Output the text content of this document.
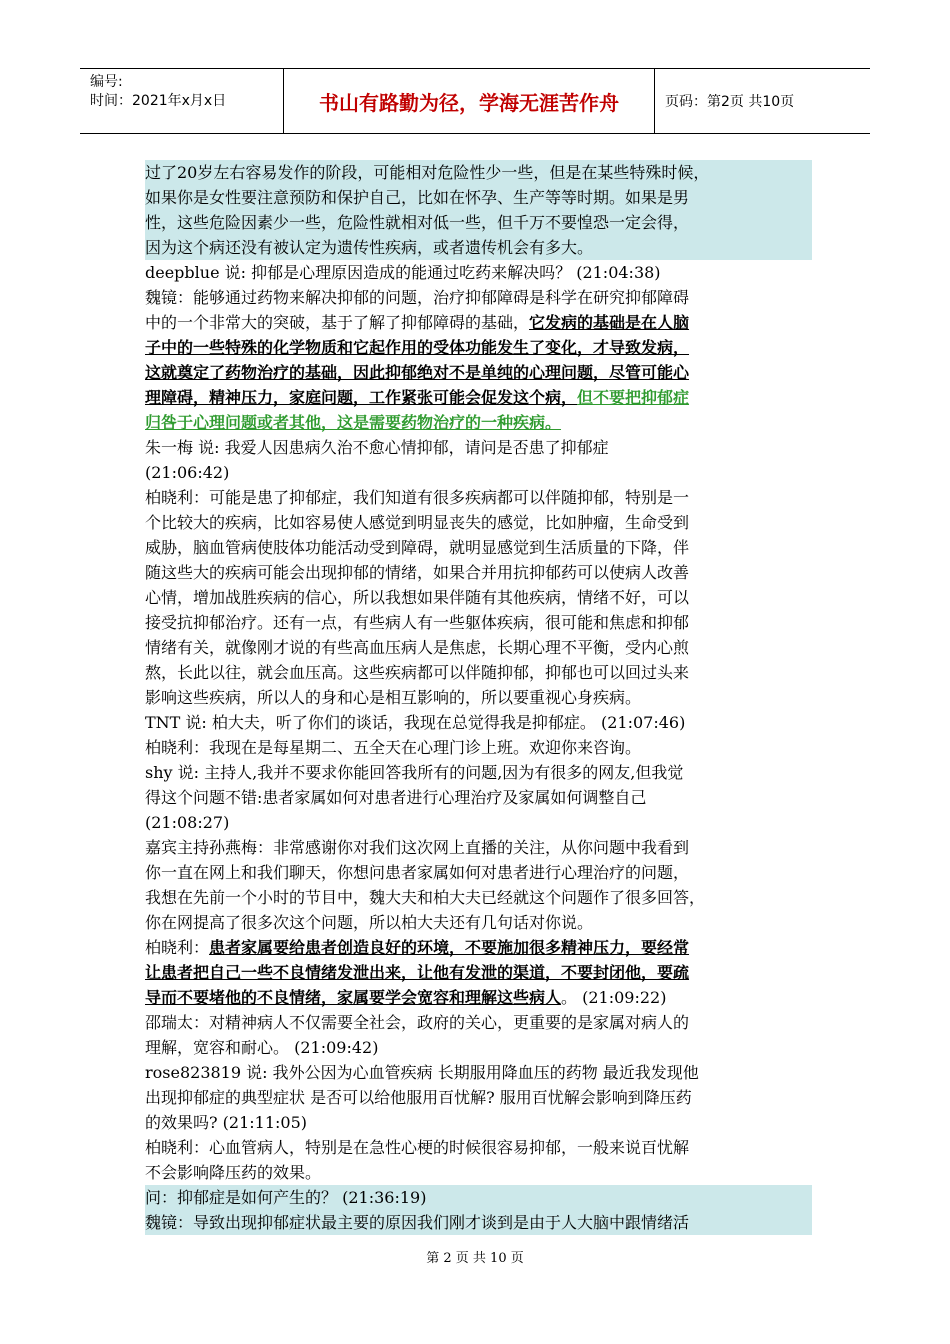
编号:
时间：2021年x月x日	书山有路勤为径，学海无涯苦作舟	页码：第2页 共10页
过了20岁左右容易发作的阶段，可能相对危险性少一些，但是在某些特殊时候，
如果你是女性要注意预防和保护自己，比如在怀孕、生产等等时期。如果是男
性，这些危险因素少一些，危险性就相对低一些，但千万不要惶恐一定会得，
因为这个病还没有被认定为遗传性疾病，或者遗传机会有多大。
deepblue 说: 抑郁是心理原因造成的能通过吃药来解决吗？ (21:04:38)
魏镜：能够通过药物来解决抑郁的问题，治疗抑郁障碍是科学在研究抑郁障碍
中的一个非常大的突破，基于了解了抑郁障碍的基础，它发病的基础是在人脑
子中的一些特殊的化学物质和它起作用的受体功能发生了变化，才导致发病，
这就奠定了药物治疗的基础，因此抑郁绝对不是单纯的心理问题，尽管可能心
理障碍，精神压力，家庭问题，工作紧张可能会促发这个病，但不要把抑郁症
归咎于心理问题或者其他，这是需要药物治疗的一种疾病。
朱一梅 说: 我爱人因患病久治不愈心情抑郁，请问是否患了抑郁症
(21:06:42)
柏晓利：可能是患了抑郁症，我们知道有很多疾病都可以伴随抑郁，特别是一
个比较大的疾病，比如容易使人感觉到明显丧失的感觉，比如肿瘤，生命受到
威胁，脑血管病使肢体功能活动受到障碍，就明显感觉到生活质量的下降，伴
随这些大的疾病可能会出现抑郁的情绪，如果合并用抗抑郁药可以使病人改善
心情，增加战胜疾病的信心，所以我想如果伴随有其他疾病，情绪不好，可以
接受抗抑郁治疗。还有一点，有些病人有一些躯体疾病，很可能和焦虑和抑郁
情绪有关，就像刚才说的有些高血压病人是焦虑，长期心理不平衡，受内心煎
熬，长此以往，就会血压高。这些疾病都可以伴随抑郁，抑郁也可以回过头来
影响这些疾病，所以人的身和心是相互影响的，所以要重视心身疾病。
TNT 说: 柏大夫，听了你们的谈话，我现在总觉得我是抑郁症。 (21:07:46)
柏晓利：我现在是每星期二、五全天在心理门诊上班。欢迎你来咨询。
shy 说: 主持人,我并不要求你能回答我所有的问题,因为有很多的网友,但我觉
得这个问题不错:患者家属如何对患者进行心理治疗及家属如何调整自己
(21:08:27)
嘉宾主持孙燕梅：非常感谢你对我们这次网上直播的关注，从你问题中我看到
你一直在网上和我们聊天，你想问患者家属如何对患者进行心理治疗的问题，
我想在先前一个小时的节目中，魏大夫和柏大夫已经就这个问题作了很多回答，
你在网提高了很多次这个问题，所以柏大夫还有几句话对你说。
柏晓利：患者家属要给患者创造良好的环境，不要施加很多精神压力，要经常
让患者把自己一些不良情绪发泄出来，让他有发泄的渠道，不要封闭他，要疏
导而不要堵他的不良情绪，家属要学会宽容和理解这些病人。 (21:09:22)
邵瑞太：对精神病人不仅需要全社会，政府的关心，更重要的是家属对病人的
理解，宽容和耐心。 (21:09:42)
rose823819 说: 我外公因为心血管疾病 长期服用降血压的药物 最近我发现他
出现抑郁症的典型症状 是否可以给他服用百忧解? 服用百忧解会影响到降压药
的效果吗? (21:11:05)
柏晓利：心血管病人，特别是在急性心梗的时候很容易抑郁，一般来说百忧解
不会影响降压药的效果。
问：抑郁症是如何产生的？ (21:36:19)
魏镜：导致出现抑郁症状最主要的原因我们刚才谈到是由于人大脑中跟情绪活
第 2 页 共 10 页
